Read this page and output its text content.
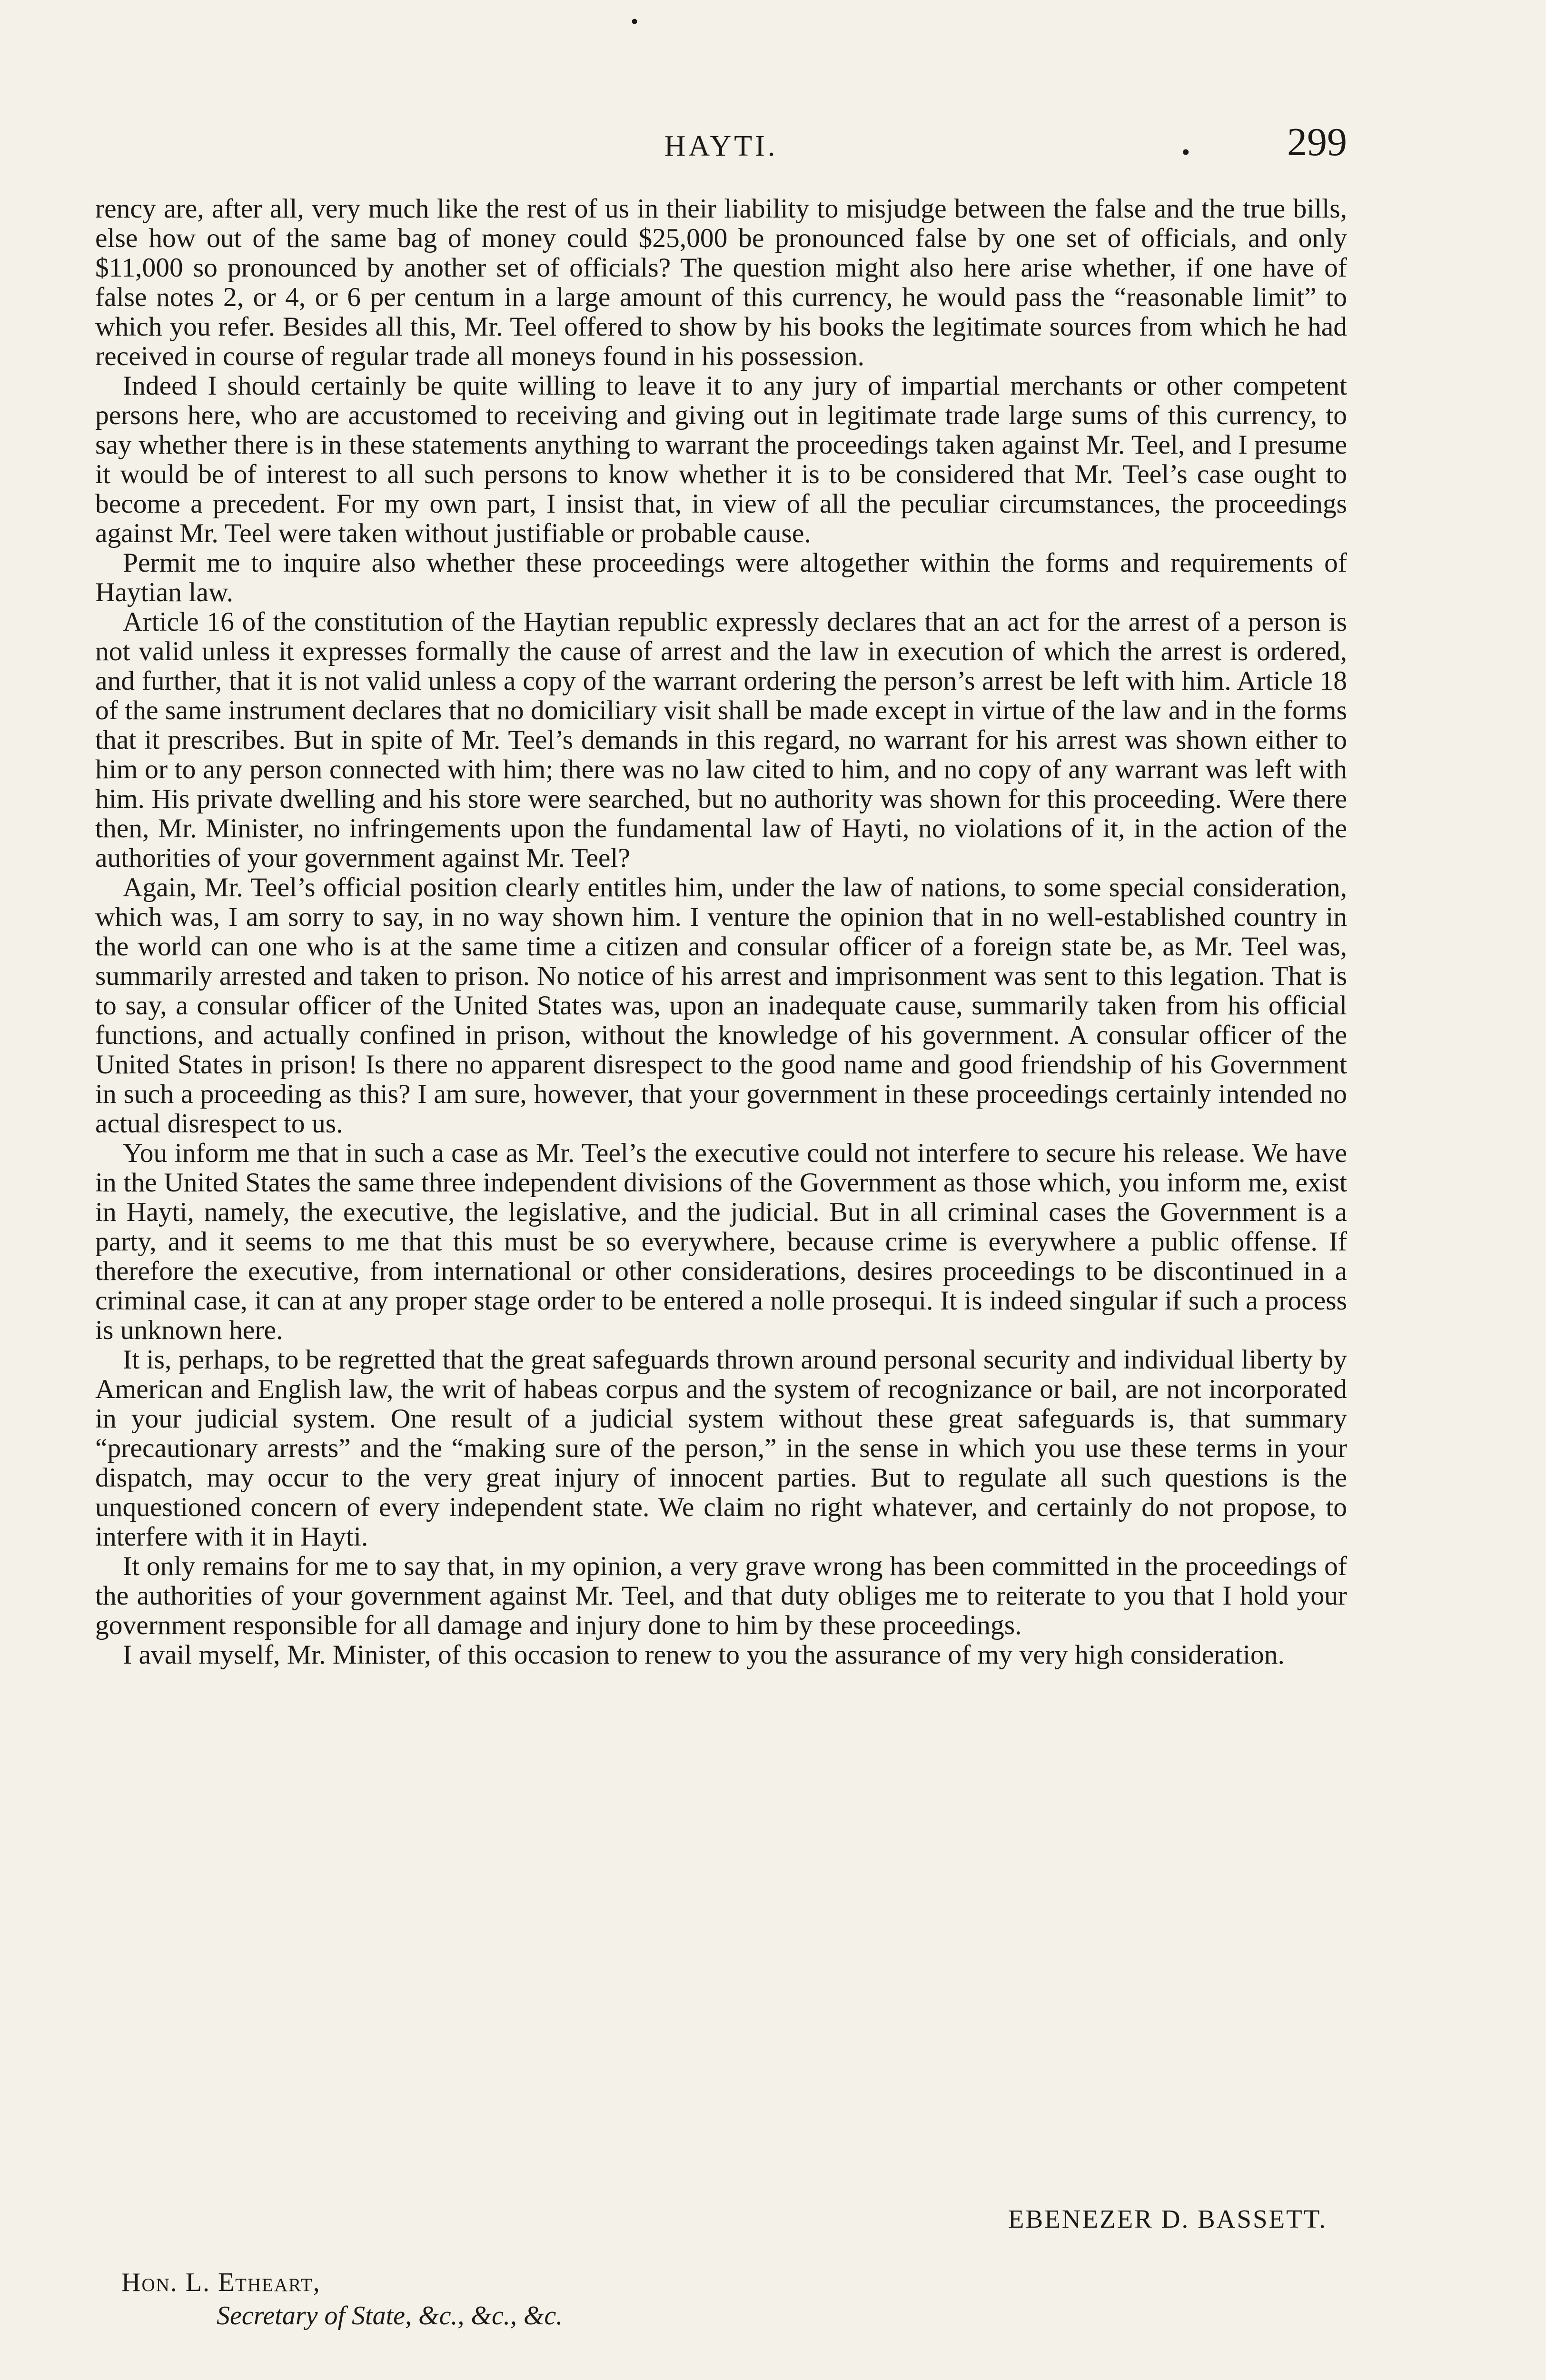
•
HAYTI.	• 299

rency are, after all, very much like the rest of us in their liability to misjudge between the false and the true bills, else how out of the same bag of money could $25,000 be pronounced false by one set of officials, and only $11,000 so pronounced by another set of officials? The question might also here arise whether, if one have of false notes 2, or 4, or 6 per centum in a large amount of this currency, he would pass the “reasonable limit” to which you refer. Besides all this, Mr. Teel offered to show by his books the legitimate sources from which he had received in course of regular trade all moneys found in his possession.

Indeed I should certainly be quite willing to leave it to any jury of impartial merchants or other competent persons here, who are accustomed to receiving and giving out in legitimate trade large sums of this currency, to say whether there is in these statements anything to warrant the proceedings taken against Mr. Teel, and I presume it would be of interest to all such persons to know whether it is to be considered that Mr. Teel’s case ought to become a precedent. For my own part, I insist that, in view of all the peculiar circumstances, the proceedings against Mr. Teel were taken without justifiable or probable cause.

Permit me to inquire also whether these proceedings were altogether within the forms and requirements of Haytian law.

Article 16 of the constitution of the Haytian republic expressly declares that an act for the arrest of a person is not valid unless it expresses formally the cause of arrest and the law in execution of which the arrest is ordered, and further, that it is not valid unless a copy of the warrant ordering the person’s arrest be left with him. Article 18 of the same instrument declares that no domiciliary visit shall be made except in virtue of the law and in the forms that it prescribes. But in spite of Mr. Teel’s demands in this regard, no warrant for his arrest was shown either to him or to any person connected with him; there was no law cited to him, and no copy of any warrant was left with him. His private dwelling and his store were searched, but no authority was shown for this proceeding. Were there then, Mr. Minister, no infringements upon the fundamental law of Hayti, no violations of it, in the action of the authorities of your government against Mr. Teel?

Again, Mr. Teel’s official position clearly entitles him, under the law of nations, to some special consideration, which was, I am sorry to say, in no way shown him. I venture the opinion that in no well-established country in the world can one who is at the same time a citizen and consular officer of a foreign state be, as Mr. Teel was, summarily arrested and taken to prison. No notice of his arrest and imprisonment was sent to this legation. That is to say, a consular officer of the United States was, upon an inadequate cause, summarily taken from his official functions, and actually confined in prison, without the knowledge of his government. A consular officer of the United States in prison! Is there no apparent disrespect to the good name and good friendship of his Government in such a proceeding as this? I am sure, however, that your government in these proceedings certainly intended no actual disrespect to us.

You inform me that in such a case as Mr. Teel’s the executive could not interfere to secure his release. We have in the United States the same three independent divisions of the Government as those which, you inform me, exist in Hayti, namely, the executive, the legislative, and the judicial. But in all criminal cases the Government is a party, and it seems to me that this must be so everywhere, because crime is everywhere a public offense. If therefore the executive, from international or other considerations, desires proceedings to be discontinued in a criminal case, it can at any proper stage order to be entered a nolle prosequi. It is indeed singular if such a process is unknown here.

It is, perhaps, to be regretted that the great safeguards thrown around personal security and individual liberty by American and English law, the writ of habeas corpus and the system of recognizance or bail, are not incorporated in your judicial system. One result of a judicial system without these great safeguards is, that summary “precautionary arrests” and the “making sure of the person,” in the sense in which you use these terms in your dispatch, may occur to the very great injury of innocent parties. But to regulate all such questions is the unquestioned concern of every independent state. We claim no right whatever, and certainly do not propose, to interfere with it in Hayti.

It only remains for me to say that, in my opinion, a very grave wrong has been committed in the proceedings of the authorities of your government against Mr. Teel, and that duty obliges me to reiterate to you that I hold your government responsible for all damage and injury done to him by these proceedings.

I avail myself, Mr. Minister, of this occasion to renew to you the assurance of my very high consideration.

EBENEZER D. BASSETT.
Hon. L. Etheart,
Secretary of State, &c., &c., &c.
